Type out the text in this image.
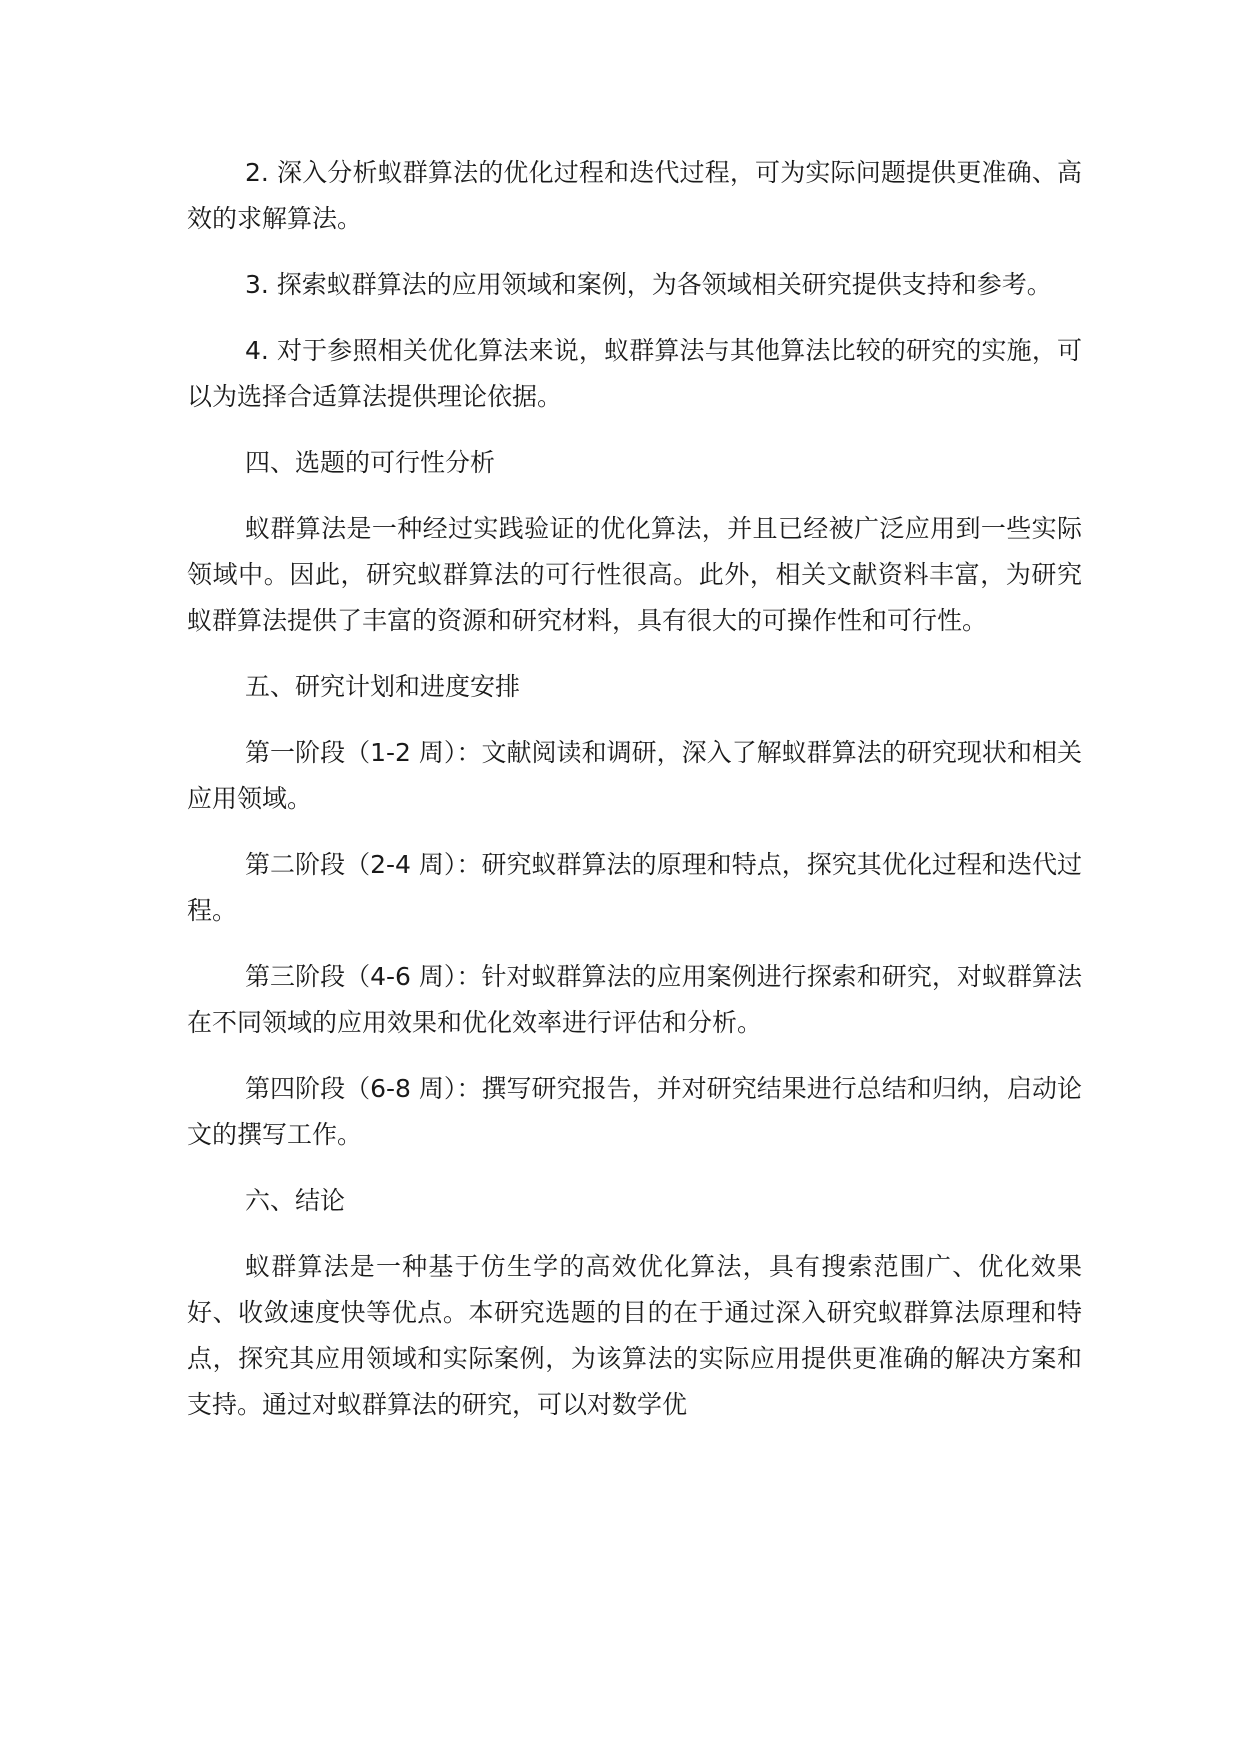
2. 深入分析蚁群算法的优化过程和迭代过程，可为实际问题提供更准确、高效的求解算法。

3. 探索蚁群算法的应用领域和案例，为各领域相关研究提供支持和参考。

4. 对于参照相关优化算法来说，蚁群算法与其他算法比较的研究的实施，可以为选择合适算法提供理论依据。

四、选题的可行性分析

蚁群算法是一种经过实践验证的优化算法，并且已经被广泛应用到一些实际领域中。因此，研究蚁群算法的可行性很高。此外，相关文献资料丰富，为研究蚁群算法提供了丰富的资源和研究材料，具有很大的可操作性和可行性。

五、研究计划和进度安排

第一阶段（1-2 周）：文献阅读和调研，深入了解蚁群算法的研究现状和相关应用领域。

第二阶段（2-4 周）：研究蚁群算法的原理和特点，探究其优化过程和迭代过程。

第三阶段（4-6 周）：针对蚁群算法的应用案例进行探索和研究，对蚁群算法在不同领域的应用效果和优化效率进行评估和分析。

第四阶段（6-8 周）：撰写研究报告，并对研究结果进行总结和归纳，启动论文的撰写工作。

六、结论

蚁群算法是一种基于仿生学的高效优化算法，具有搜索范围广、优化效果好、收敛速度快等优点。本研究选题的目的在于通过深入研究蚁群算法原理和特点，探究其应用领域和实际案例，为该算法的实际应用提供更准确的解决方案和支持。通过对蚁群算法的研究，可以对数学优
